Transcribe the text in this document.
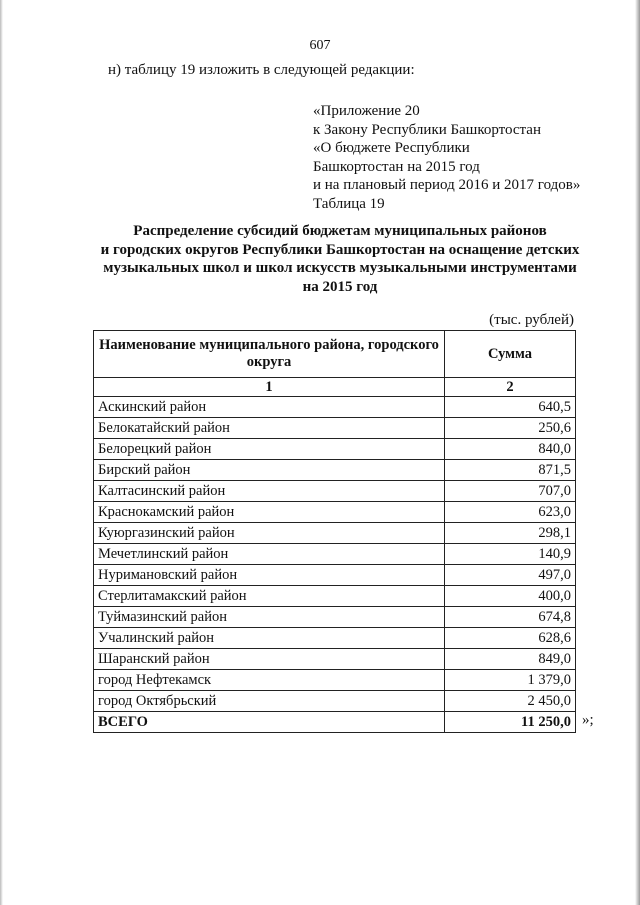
607
н) таблицу 19 изложить в следующей редакции:
«Приложение 20
к Закону Республики Башкортостан
«О бюджете Республики
Башкортостан на 2015 год
и на плановый период 2016 и 2017 годов»
Таблица 19
Распределение субсидий бюджетам муниципальных районов
и городских округов Республики Башкортостан на оснащение детских
музыкальных школ и школ искусств музыкальными инструментами
на 2015 год
(тыс. рублей)
Наименование муниципального района, городского округа	Сумма
1	2
Аскинский район	640,5
Белокатайский район	250,6
Белорецкий район	840,0
Бирский район	871,5
Калтасинский район	707,0
Краснокамский район	623,0
Куюргазинский район	298,1
Мечетлинский район	140,9
Нуримановский район	497,0
Стерлитамакский район	400,0
Туймазинский район	674,8
Учалинский район	628,6
Шаранский район	849,0
город Нефтекамск	1 379,0
город Октябрьский	2 450,0
ВСЕГО	11 250,0 »;
